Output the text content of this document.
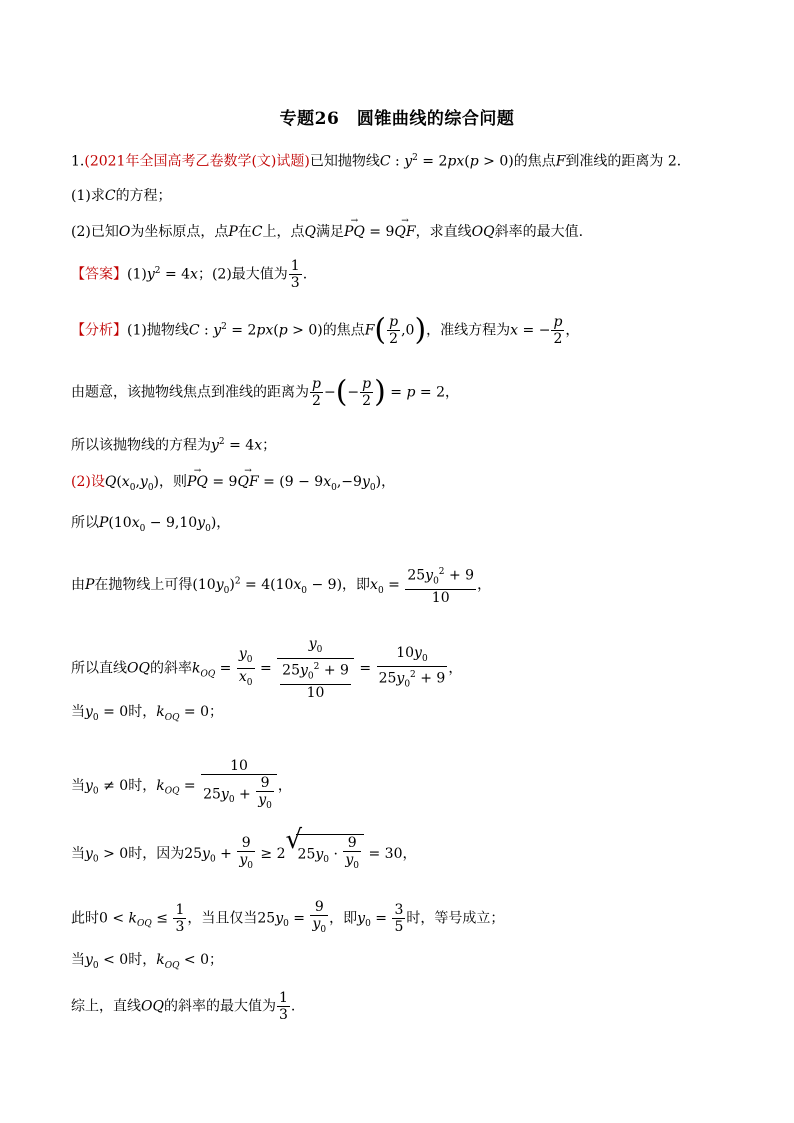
专题26　圆锥曲线的综合问题
1.(2021年全国高考乙卷数学(文)试题)已知抛物线C : $y^2 = 2px(p > 0)$的焦点F到准线的距离为 2．
(1)求C的方程；
(2)已知O为坐标原点，点P在C上，点Q满足→ PQ = 9→ QF，求直线OQ斜率的最大值.
【答案】$(1)y^2 = 4x$；(2)最大值为 $\frac{1}{3}$ .
【分析】(1)抛物线C : $y^2 = 2px(p > 0)$的焦点$F( \frac{p}{2} ,0)$，准线方程为x = − $\frac{p}{2}$ ，
由题意，该抛物线焦点到准线的距离为 $\frac{p}{2}$ −(− $\frac{p}{2}$ ) = p = 2，
所以该抛物线的方程为$y^2 = 4x$；
(2)设$Q(x_0,y_0)$，则→ PQ = 9→ QF = $(9 - 9x_0,-9y_0)$，
所以$P(10x_0 - 9,10y_0)$，
由P在抛物线上可得$(10y_0)^2 = 4(10x_0 - 9)$，即$x_0 = \frac{25y_0^2 + 9}{10}$ ，
所以直线OQ的斜率$k_{OQ} = \frac{y_0}{x_0} = \frac{y_0}{\frac{25y_0^2 + 9}{10}} = \frac{10y_0}{25y_0^2 + 9}$ ，
当$y_0 = 0$时，$k_{OQ} = 0$；
当$y_0 \ne 0$时，$k_{OQ} = \frac{10}{25y_0 + \frac{9}{y_0}}$ ，
当$y_0 > 0$时，因为$25y_0 + \frac{9}{y_0} \ge 2√$ $25y_0 \cdot \frac{9}{y_0} = 30$，
此时$0 < k_{OQ} \le \frac{1}{3}$ ，当且仅当$25y_0 = \frac{9}{y_0}$ ，即$y_0 = \frac{3}{5}$ 时，等号成立；
当$y_0 < 0$时，$k_{OQ} < 0$；
综上，直线OQ的斜率的最大值为 $\frac{1}{3}$ .
